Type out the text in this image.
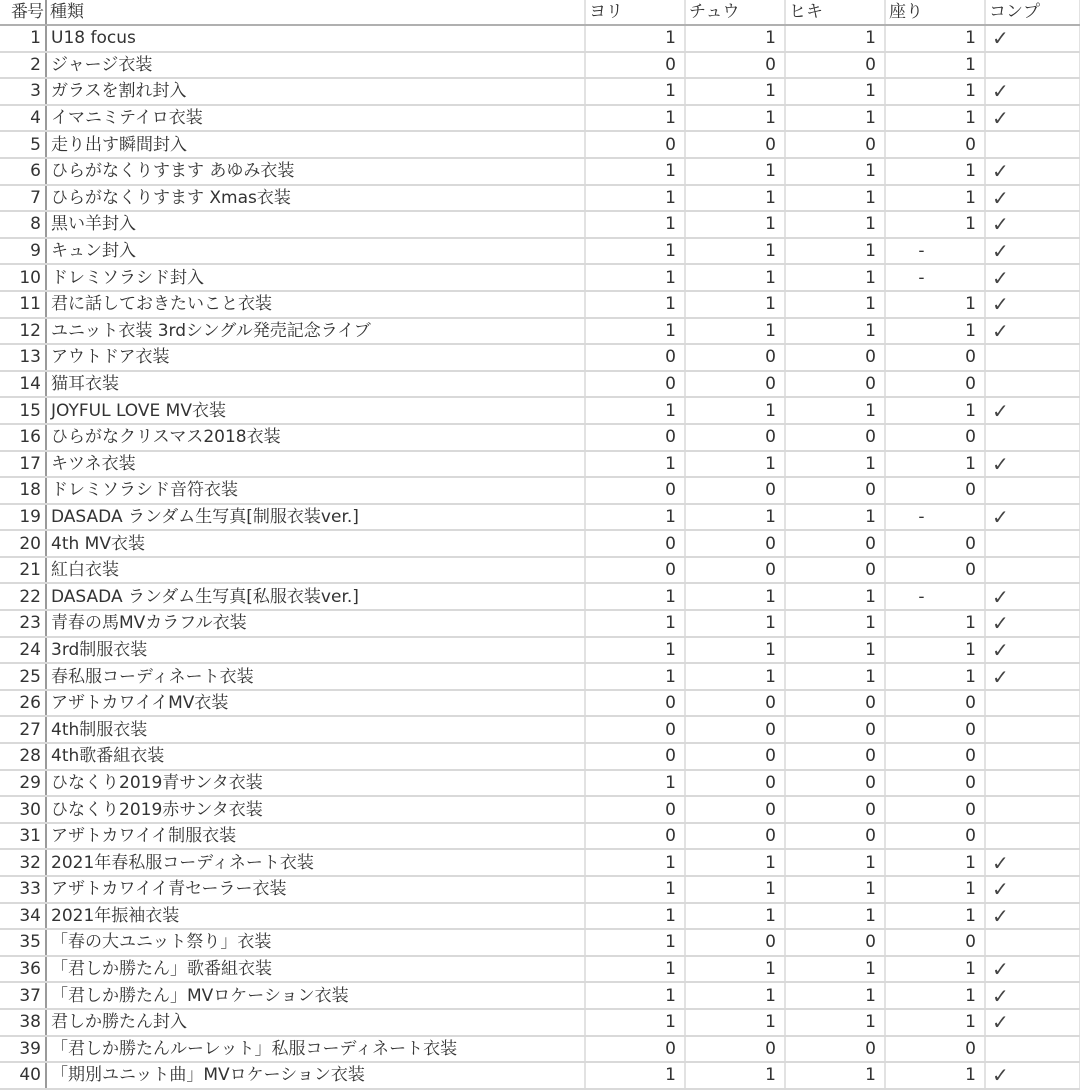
番号	種類	ヨリ	チュウ	ヒキ	座り	コンプ
1	U18 focus	1	1	1	1	✓
2	ジャージ衣装	0	0	0	1	
3	ガラスを割れ封入	1	1	1	1	✓
4	イマニミテイロ衣装	1	1	1	1	✓
5	走り出す瞬間封入	0	0	0	0	
6	ひらがなくりすます あゆみ衣装	1	1	1	1	✓
7	ひらがなくりすます Xmas衣装	1	1	1	1	✓
8	黒い羊封入	1	1	1	1	✓
9	キュン封入	1	1	1	-	✓
10	ドレミソラシド封入	1	1	1	-	✓
11	君に話しておきたいこと衣装	1	1	1	1	✓
12	ユニット衣装 3rdシングル発売記念ライブ	1	1	1	1	✓
13	アウトドア衣装	0	0	0	0	
14	猫耳衣装	0	0	0	0	
15	JOYFUL LOVE MV衣装	1	1	1	1	✓
16	ひらがなクリスマス2018衣装	0	0	0	0	
17	キツネ衣装	1	1	1	1	✓
18	ドレミソラシド音符衣装	0	0	0	0	
19	DASADA ランダム生写真[制服衣装ver.]	1	1	1	-	✓
20	4th MV衣装	0	0	0	0	
21	紅白衣装	0	0	0	0	
22	DASADA ランダム生写真[私服衣装ver.]	1	1	1	-	✓
23	青春の馬MVカラフル衣装	1	1	1	1	✓
24	3rd制服衣装	1	1	1	1	✓
25	春私服コーディネート衣装	1	1	1	1	✓
26	アザトカワイイMV衣装	0	0	0	0	
27	4th制服衣装	0	0	0	0	
28	4th歌番組衣装	0	0	0	0	
29	ひなくり2019青サンタ衣装	1	0	0	0	
30	ひなくり2019赤サンタ衣装	0	0	0	0	
31	アザトカワイイ制服衣装	0	0	0	0	
32	2021年春私服コーディネート衣装	1	1	1	1	✓
33	アザトカワイイ青セーラー衣装	1	1	1	1	✓
34	2021年振袖衣装	1	1	1	1	✓
35	「春の大ユニット祭り」衣装	1	0	0	0	
36	「君しか勝たん」歌番組衣装	1	1	1	1	✓
37	「君しか勝たん」MVロケーション衣装	1	1	1	1	✓
38	君しか勝たん封入	1	1	1	1	✓
39	「君しか勝たんルーレット」私服コーディネート衣装	0	0	0	0	
40	「期別ユニット曲」MVロケーション衣装	1	1	1	1	✓
